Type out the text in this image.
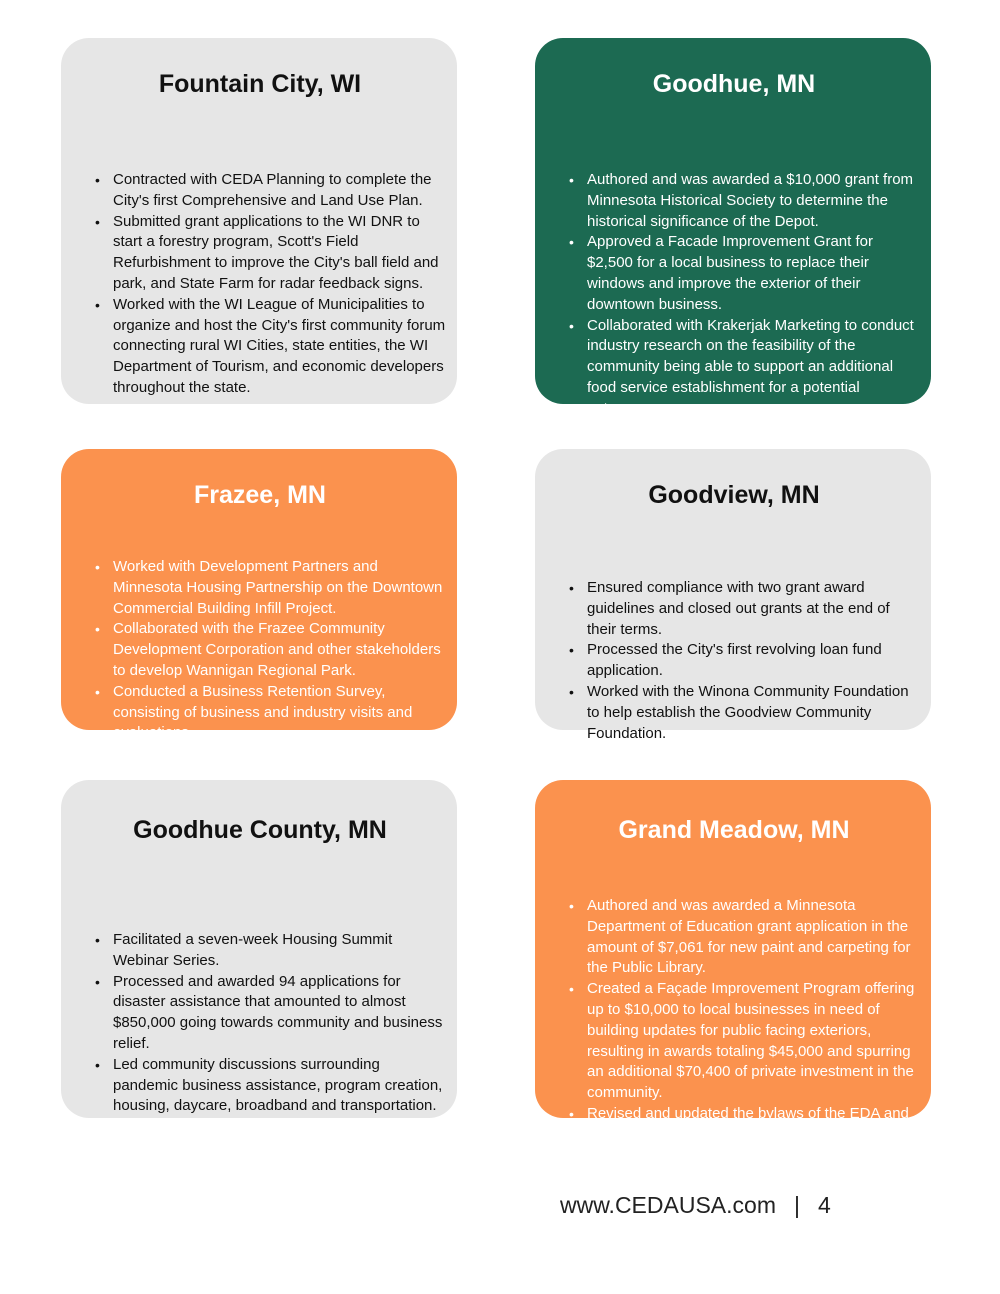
Fountain City, WI
• Contracted with CEDA Planning to complete the City's first Comprehensive and Land Use Plan.
• Submitted grant applications to the WI DNR to start a forestry program, Scott's Field Refurbishment to improve the City's ball field and park, and State Farm for radar feedback signs.
• Worked with the WI League of Municipalities to organize and host the City's first community forum connecting rural WI Cities, state entities, the WI Department of Tourism, and economic developers throughout the state.
Goodhue, MN
• Authored and was awarded a $10,000 grant from Minnesota Historical Society to determine the historical significance of the Depot.
• Approved a Facade Improvement Grant for $2,500 for a local business to replace their windows and improve the exterior of their downtown business.
• Collaborated with Krakerjak Marketing to conduct industry research on the feasibility of the community being able to support an additional food service establishment for a potential entrepreneur.
Frazee, MN
• Worked with Development Partners and Minnesota Housing Partnership on the Downtown Commercial Building Infill Project.
• Collaborated with the Frazee Community Development Corporation and other stakeholders to develop Wannigan Regional Park.
• Conducted a Business Retention Survey, consisting of business and industry visits and evaluations.
Goodview, MN
• Ensured compliance with two grant award guidelines and closed out grants at the end of their terms.
• Processed the City's first revolving loan fund application.
• Worked with the Winona Community Foundation to help establish the Goodview Community Foundation.
Goodhue County, MN
• Facilitated a seven-week Housing Summit Webinar Series.
• Processed and awarded 94 applications for disaster assistance that amounted to almost $850,000 going towards community and business relief.
• Led community discussions surrounding pandemic business assistance, program creation, housing, daycare, broadband and transportation.
Grand Meadow, MN
• Authored and was awarded a Minnesota Department of Education grant application in the amount of $7,061 for new paint and carpeting for the Public Library.
• Created a Façade Improvement Program offering up to $10,000 to local businesses in need of building updates for public facing exteriors, resulting in awards totaling $45,000 and spurring an additional $70,400 of private investment in the community.
• Revised and updated the bylaws of the EDA and enacted adjustments to the Revolving Loan Fund guidelines and requirements.
www.CEDAUSA.com | 4
